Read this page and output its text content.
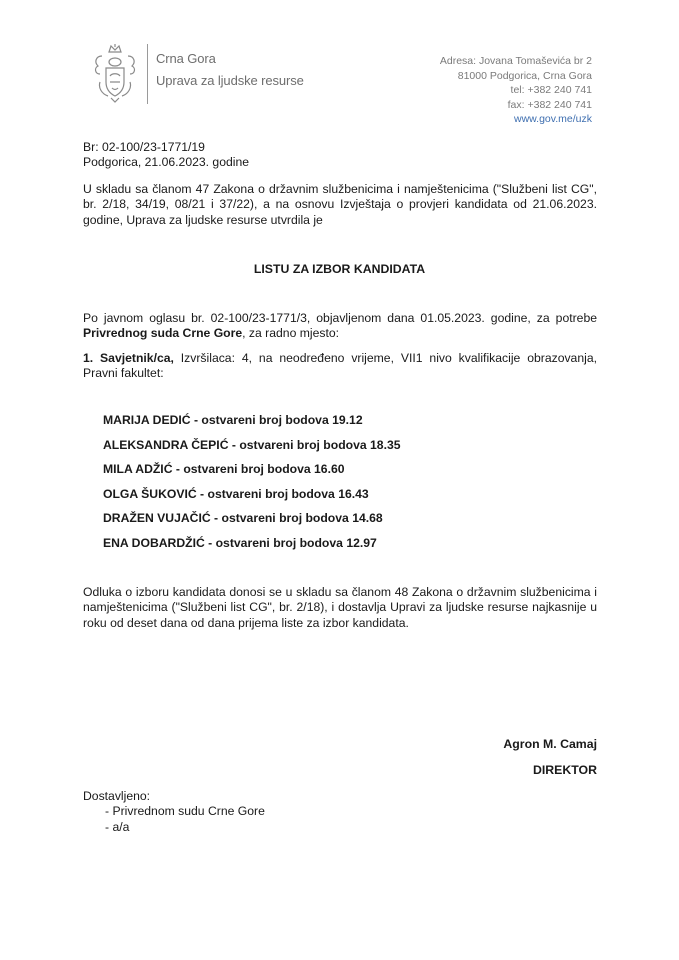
Crna Gora
Uprava za ljudske resurse
Adresa: Jovana Tomaševića br 2
81000 Podgorica, Crna Gora
tel: +382 240 741
fax: +382 240 741
www.gov.me/uzk
Br: 02-100/23-1771/19
Podgorica, 21.06.2023. godine
U skladu sa članom 47 Zakona o državnim službenicima i namještenicima ("Službeni list CG", br. 2/18, 34/19, 08/21 i 37/22), a na osnovu Izvještaja o provjeri kandidata od 21.06.2023. godine, Uprava za ljudske resurse utvrdila je
LISTU ZA IZBOR KANDIDATA
Po javnom oglasu br. 02-100/23-1771/3, objavljenom dana 01.05.2023. godine, za potrebe Privrednog suda Crne Gore, za radno mjesto:
1. Savjetnik/ca, Izvršilaca: 4, na neodređeno vrijeme, VII1 nivo kvalifikacije obrazovanja, Pravni fakultet:
MARIJA DEDIĆ - ostvareni broj bodova 19.12
ALEKSANDRA ČEPIĆ - ostvareni broj bodova 18.35
MILA ADŽIĆ - ostvareni broj bodova 16.60
OLGA ŠUKOVIĆ - ostvareni broj bodova 16.43
DRAŽEN VUJAČIĆ - ostvareni broj bodova 14.68
ENA DOBARDŽIĆ - ostvareni broj bodova 12.97
Odluka o izboru kandidata donosi se u skladu sa članom 48 Zakona o državnim službenicima i namještenicima ("Službeni list CG", br. 2/18), i dostavlja Upravi za ljudske resurse najkasnije u roku od deset dana od dana prijema liste za izbor kandidata.
Agron M. Camaj
DIREKTOR
Dostavljeno:
- Privrednom sudu Crne Gore
- a/a
